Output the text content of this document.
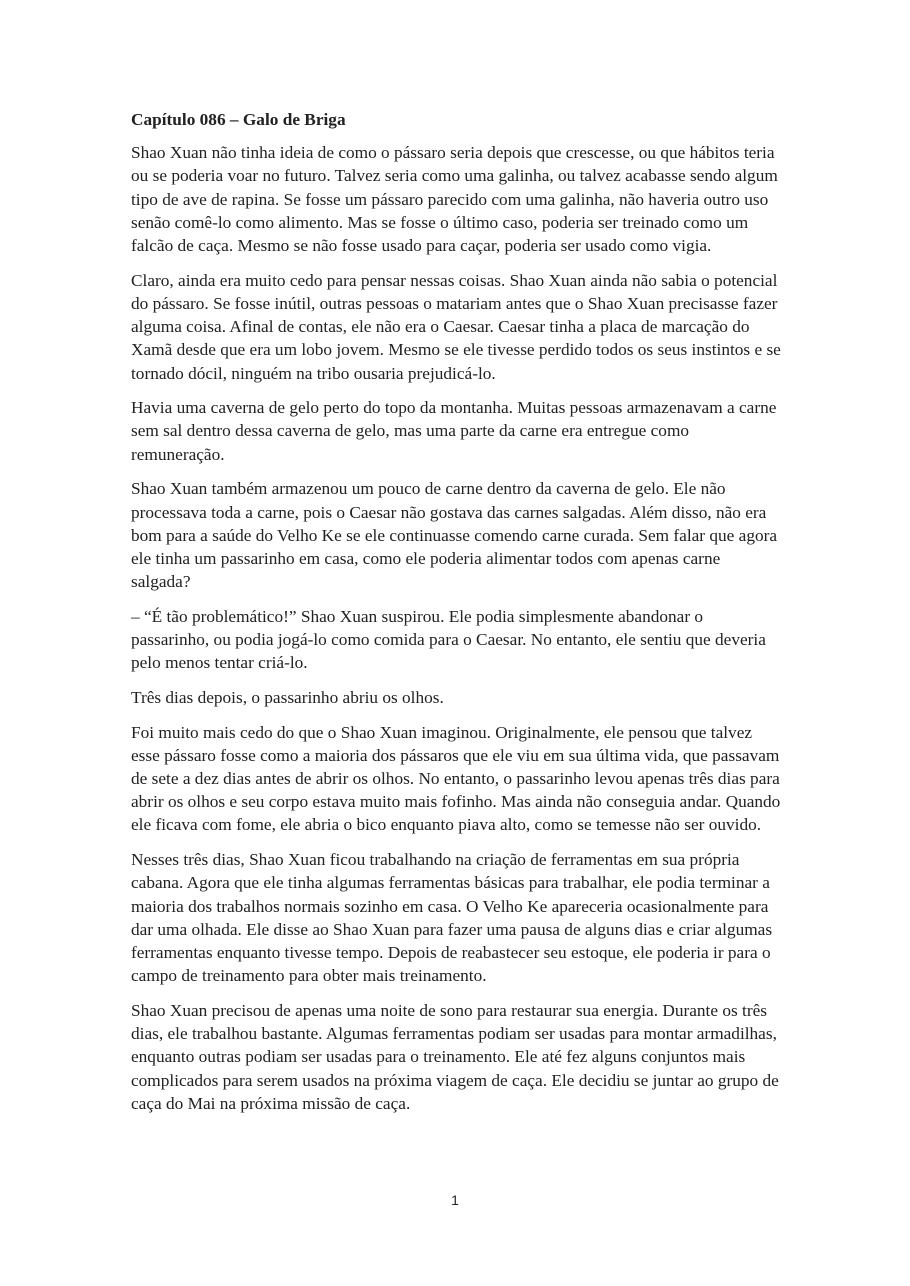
Capítulo 086 – Galo de Briga

Shao Xuan não tinha ideia de como o pássaro seria depois que crescesse, ou que hábitos teria ou se poderia voar no futuro. Talvez seria como uma galinha, ou talvez acabasse sendo algum tipo de ave de rapina. Se fosse um pássaro parecido com uma galinha, não haveria outro uso senão comê-lo como alimento. Mas se fosse o último caso, poderia ser treinado como um falcão de caça. Mesmo se não fosse usado para caçar, poderia ser usado como vigia.

Claro, ainda era muito cedo para pensar nessas coisas. Shao Xuan ainda não sabia o potencial do pássaro. Se fosse inútil, outras pessoas o matariam antes que o Shao Xuan precisasse fazer alguma coisa. Afinal de contas, ele não era o Caesar. Caesar tinha a placa de marcação do Xamã desde que era um lobo jovem. Mesmo se ele tivesse perdido todos os seus instintos e se tornado dócil, ninguém na tribo ousaria prejudicá-lo.

Havia uma caverna de gelo perto do topo da montanha. Muitas pessoas armazenavam a carne sem sal dentro dessa caverna de gelo, mas uma parte da carne era entregue como remuneração.

Shao Xuan também armazenou um pouco de carne dentro da caverna de gelo. Ele não processava toda a carne, pois o Caesar não gostava das carnes salgadas. Além disso, não era bom para a saúde do Velho Ke se ele continuasse comendo carne curada. Sem falar que agora ele tinha um passarinho em casa, como ele poderia alimentar todos com apenas carne salgada?

– “É tão problemático!” Shao Xuan suspirou. Ele podia simplesmente abandonar o passarinho, ou podia jogá-lo como comida para o Caesar. No entanto, ele sentiu que deveria pelo menos tentar criá-lo.

Três dias depois, o passarinho abriu os olhos.

Foi muito mais cedo do que o Shao Xuan imaginou. Originalmente, ele pensou que talvez esse pássaro fosse como a maioria dos pássaros que ele viu em sua última vida, que passavam de sete a dez dias antes de abrir os olhos. No entanto, o passarinho levou apenas três dias para abrir os olhos e seu corpo estava muito mais fofinho. Mas ainda não conseguia andar. Quando ele ficava com fome, ele abria o bico enquanto piava alto, como se temesse não ser ouvido.

Nesses três dias, Shao Xuan ficou trabalhando na criação de ferramentas em sua própria cabana. Agora que ele tinha algumas ferramentas básicas para trabalhar, ele podia terminar a maioria dos trabalhos normais sozinho em casa. O Velho Ke apareceria ocasionalmente para dar uma olhada. Ele disse ao Shao Xuan para fazer uma pausa de alguns dias e criar algumas ferramentas enquanto tivesse tempo. Depois de reabastecer seu estoque, ele poderia ir para o campo de treinamento para obter mais treinamento.

Shao Xuan precisou de apenas uma noite de sono para restaurar sua energia. Durante os três dias, ele trabalhou bastante. Algumas ferramentas podiam ser usadas para montar armadilhas, enquanto outras podiam ser usadas para o treinamento. Ele até fez alguns conjuntos mais complicados para serem usados na próxima viagem de caça. Ele decidiu se juntar ao grupo de caça do Mai na próxima missão de caça.

1
